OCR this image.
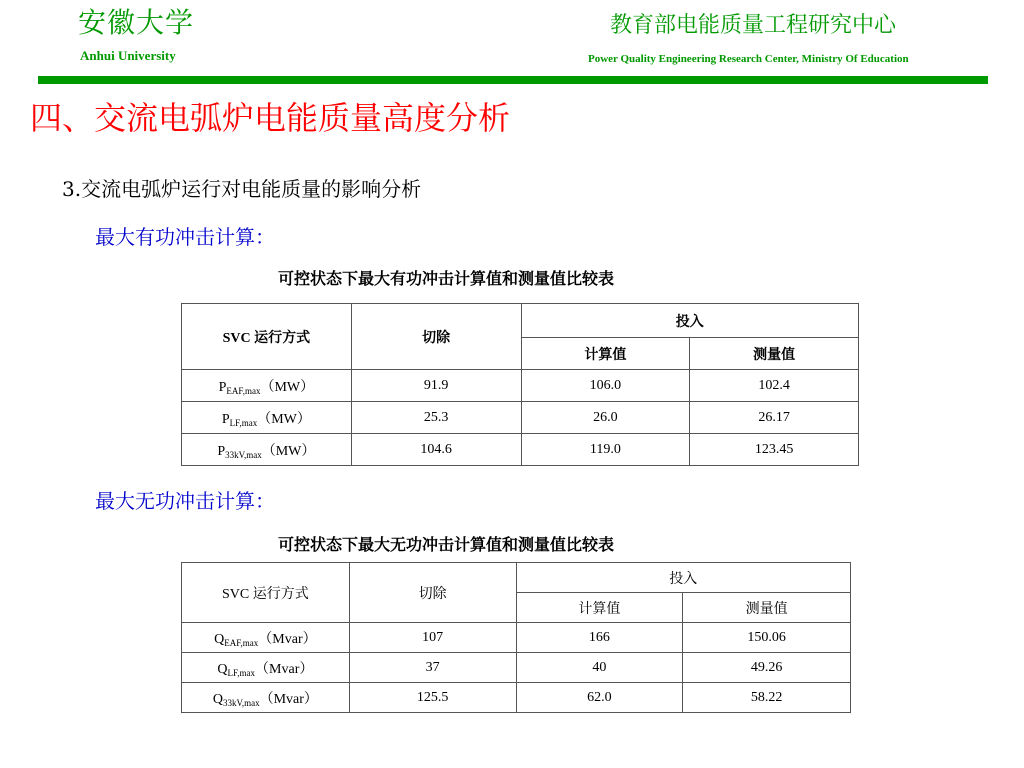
安徽大学
Anhui University
教育部电能质量工程研究中心
Power Quality Engineering Research Center, Ministry Of Education
四、交流电弧炉电能质量高度分析
3.交流电弧炉运行对电能质量的影响分析
最大有功冲击计算：
可控状态下最大有功冲击计算值和测量值比较表
SVC 运行方式	切除	投入	
		计算值	测量值
$P_{EAF,max}(MW)$	91.9	106.0	102.4
$P_{LF,max}(MW)$	25.3	26.0	26.17
$P_{33kV,max}(MW)$	104.6	119.0	123.45
最大无功冲击计算：
可控状态下最大无功冲击计算值和测量值比较表
SVC 运行方式	切除	投入	
		计算值	测量值
$Q_{EAF,max}(Mvar)$	107	166	150.06
$Q_{LF,max}(Mvar)$	37	40	49.26
$Q_{33kV,max}(Mvar)$	125.5	62.0	58.22
